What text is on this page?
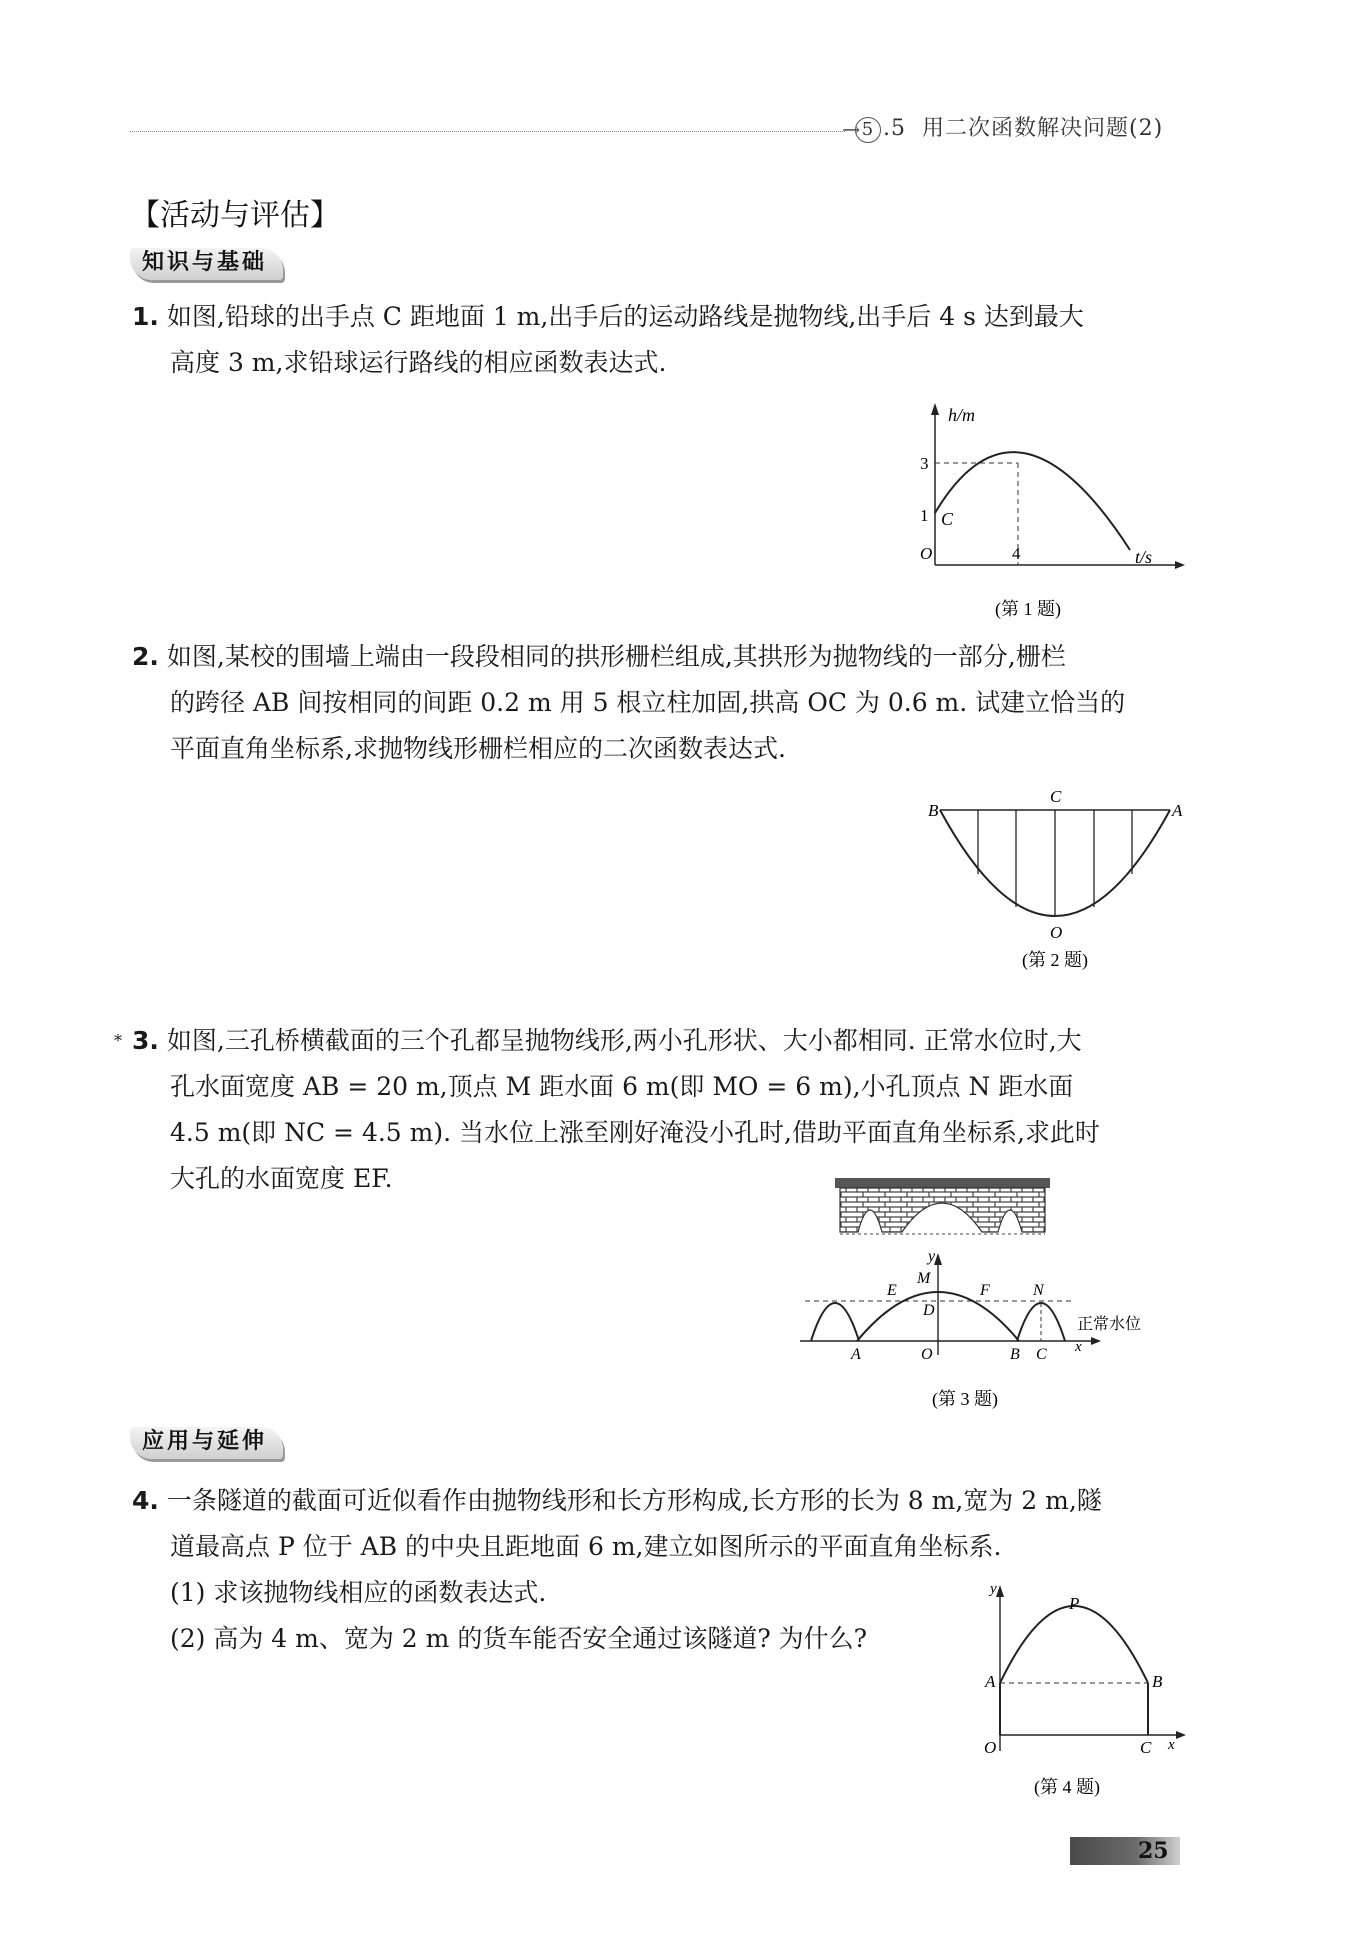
→ 5 .5 用二次函数解决问题(2)
【活动与评估】
知识与基础
1. 如图,铅球的出手点 C 距地面 1 m,出手后的运动路线是抛物线,出手后 4 s 达到最大
高度 3 m,求铅球运行路线的相应函数表达式.
h/m
3
1 C
O	4	t/s
(第 1 题)
2. 如图,某校的围墙上端由一段段相同的拱形栅栏组成,其拱形为抛物线的一部分,栅栏
的跨径 AB 间按相同的间距 0.2 m 用 5 根立柱加固,拱高 OC 为 0.6 m. 试建立恰当的
平面直角坐标系,求抛物线形栅栏相应的二次函数表达式.
B
C
A
O
(第 2 题)
* 3. 如图,三孔桥横截面的三个孔都呈抛物线形,两小孔形状、大小都相同. 正常水位时,大
孔水面宽度 AB = 20 m,顶点 M 距水面 6 m(即 MO = 6 m),小孔顶点 N 距水面
4.5 m(即 NC = 4.5 m). 当水位上涨至刚好淹没小孔时,借助平面直角坐标系,求此时
大孔的水面宽度 EF.
y
E
M
F	N
D
A	O	B C x
正常水位
(第 3 题)
应用与延伸
4. 一条隧道的截面可近似看作由抛物线形和长方形构成,长方形的长为 8 m,宽为 2 m,隧
道最高点 P 位于 AB 的中央且距地面 6 m,建立如图所示的平面直角坐标系.
(1) 求该抛物线相应的函数表达式.
(2) 高为 4 m、宽为 2 m 的货车能否安全通过该隧道? 为什么?
y
P
A	B
O	C x
(第 4 题)
25
